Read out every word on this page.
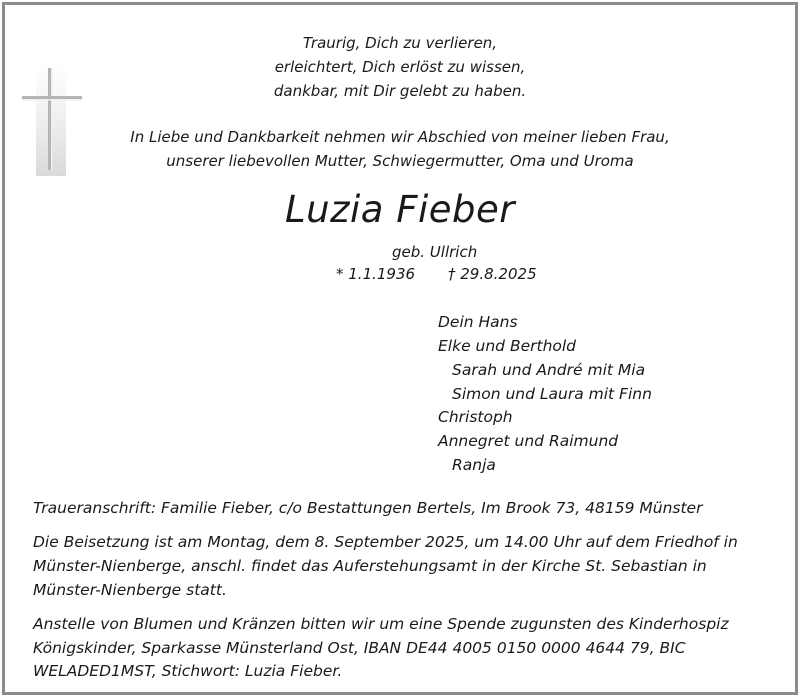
Traurig, Dich zu verlieren,
erleichtert, Dich erlöst zu wissen,
dankbar, mit Dir gelebt zu haben.
In Liebe und Dankbarkeit nehmen wir Abschied von meiner lieben Frau,
unserer liebevollen Mutter, Schwiegermutter, Oma und Uroma
Luzia Fieber
geb. Ullrich
* 1.1.1936 † 29.8.2025
Dein Hans
Elke und Berthold
Sarah und André mit Mia
Simon und Laura mit Finn
Christoph
Annegret und Raimund
Ranja
Traueranschrift: Familie Fieber, c/o Bestattungen Bertels, Im Brook 73, 48159 Münster
Die Beisetzung ist am Montag, dem 8. September 2025, um 14.00 Uhr auf dem Friedhof in
Münster-Nienberge, anschl. findet das Auferstehungsamt in der Kirche St. Sebastian in
Münster-Nienberge statt.
Anstelle von Blumen und Kränzen bitten wir um eine Spende zugunsten des Kinderhospiz
Königskinder, Sparkasse Münsterland Ost, IBAN DE44 4005 0150 0000 4644 79, BIC
WELADED1MST, Stichwort: Luzia Fieber.
